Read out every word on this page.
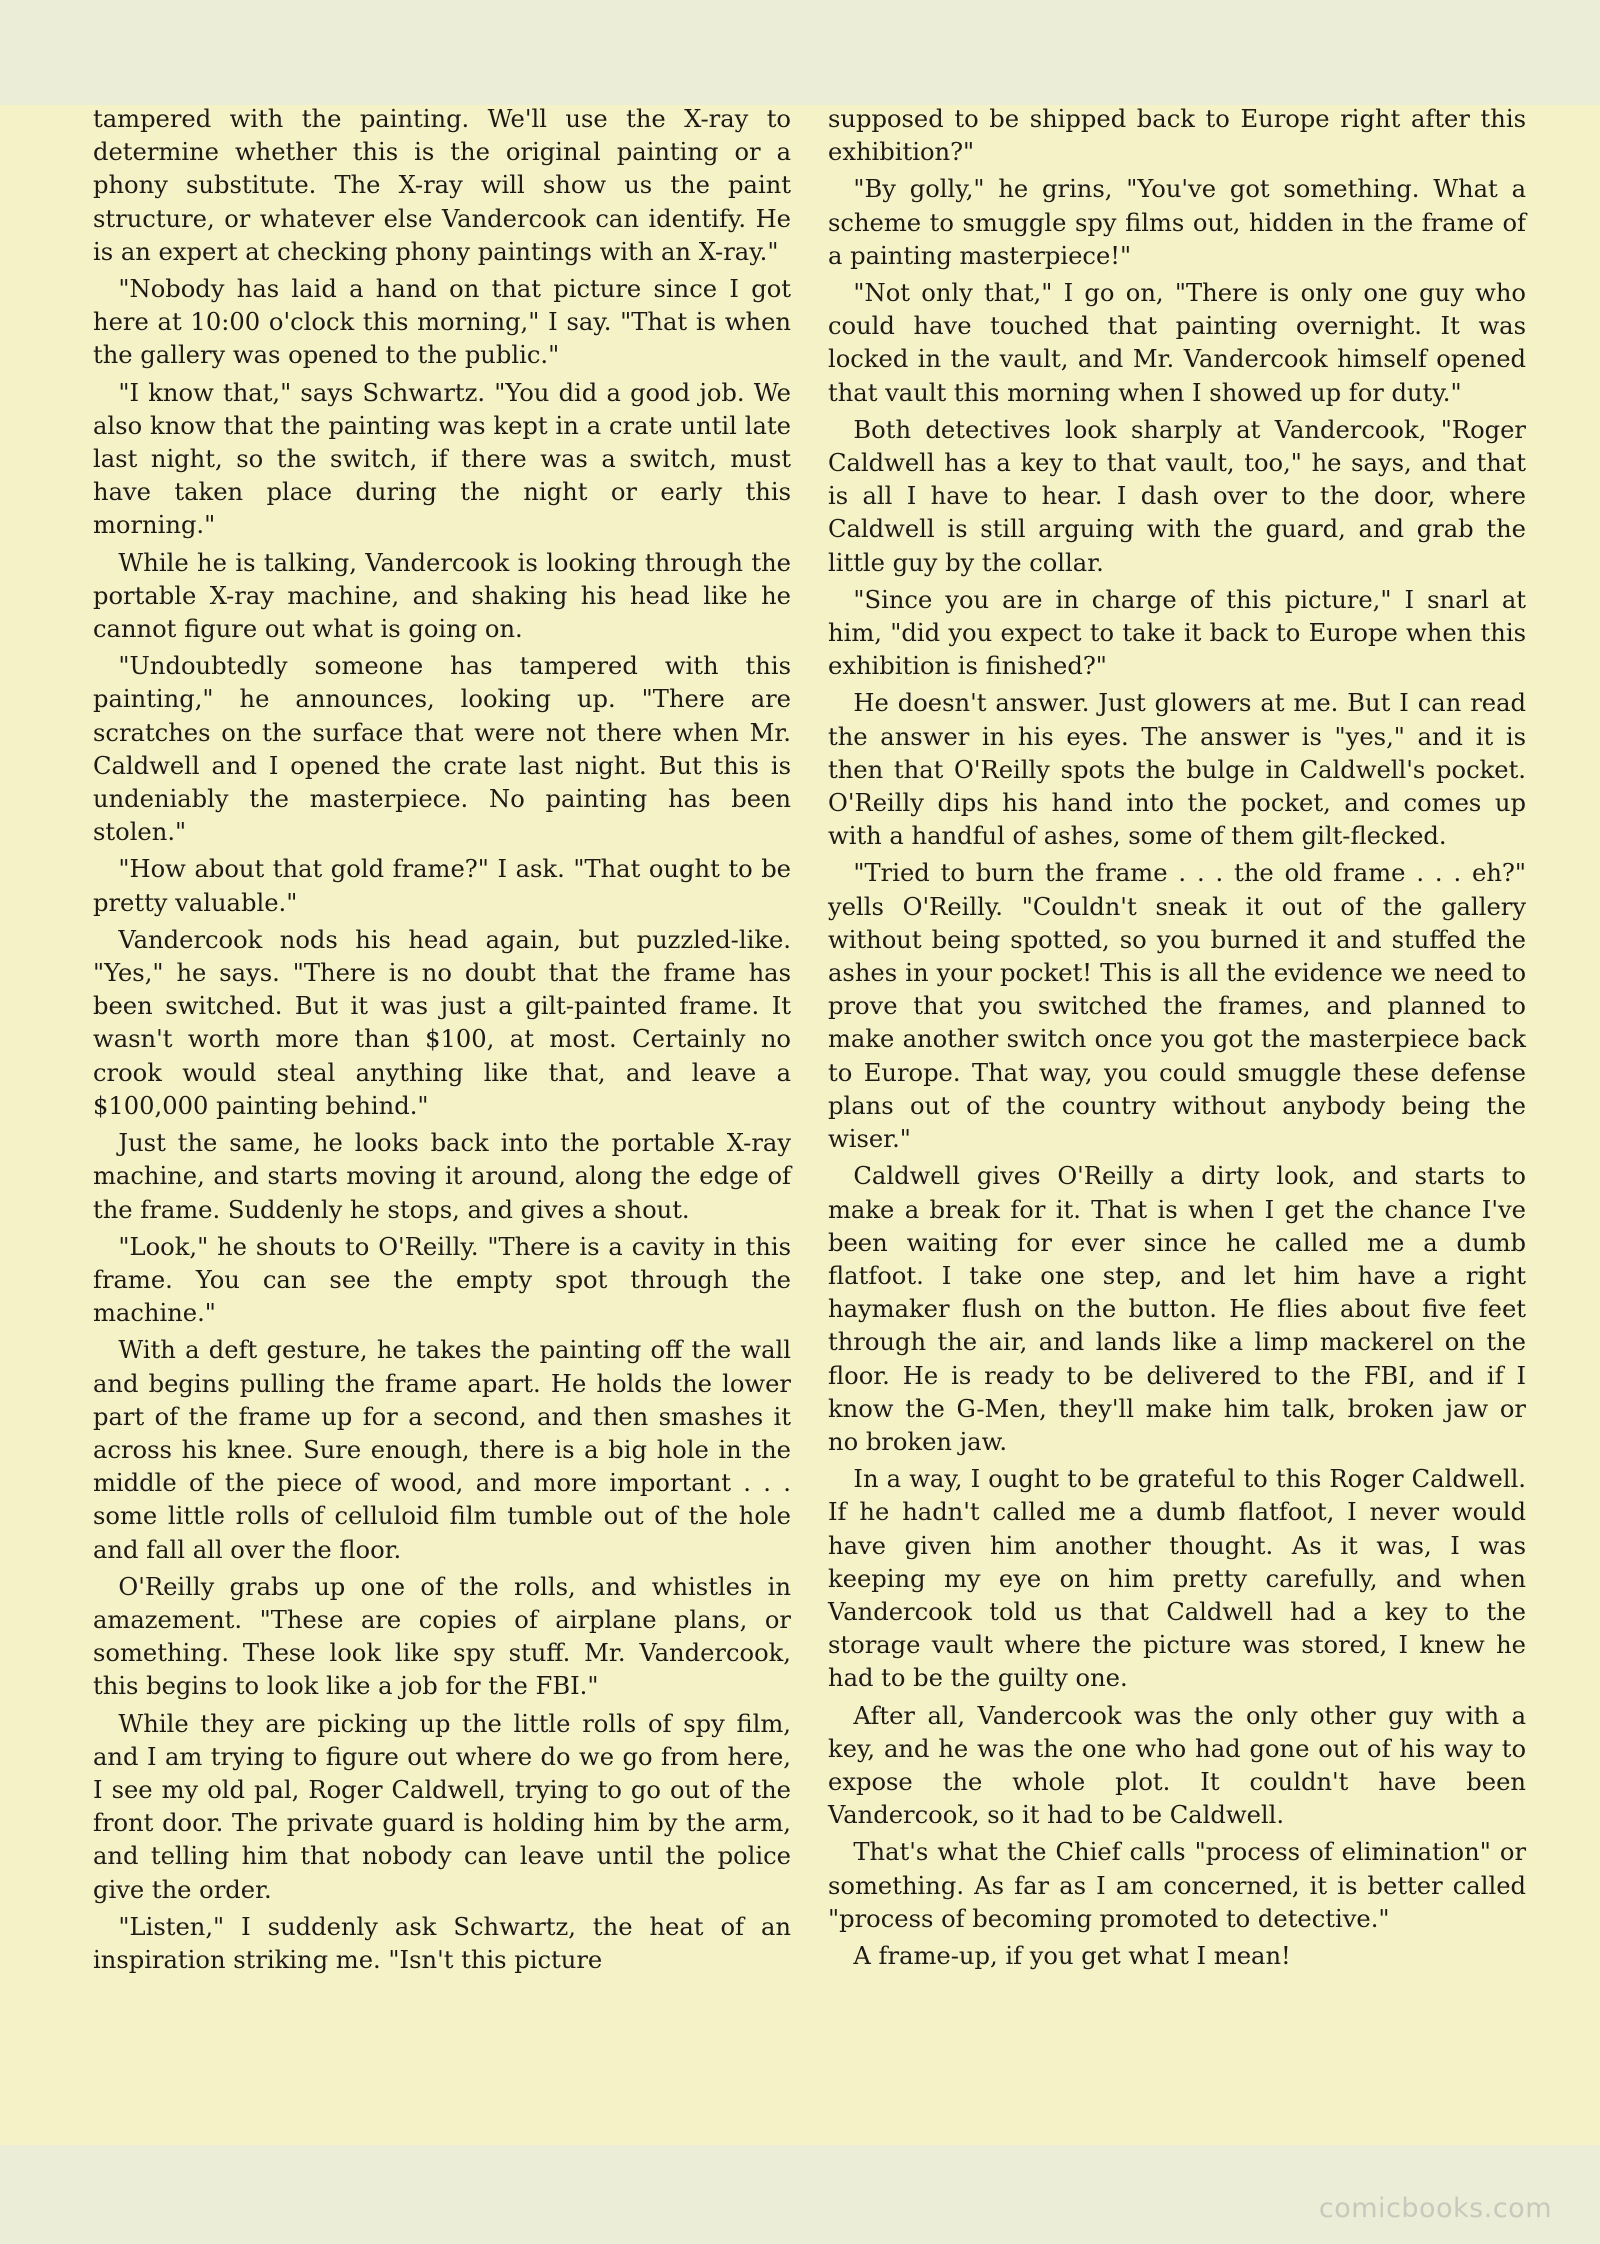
tampered with the painting. We'll use the X-ray to determine whether this is the original painting or a phony substitute. The X-ray will show us the paint structure, or whatever else Vandercook can identify. He is an expert at checking phony paintings with an X-ray."

"Nobody has laid a hand on that picture since I got here at 10:00 o'clock this morning," I say. "That is when the gallery was opened to the public."

"I know that," says Schwartz. "You did a good job. We also know that the painting was kept in a crate until late last night, so the switch, if there was a switch, must have taken place during the night or early this morning."

While he is talking, Vandercook is looking through the portable X-ray machine, and shaking his head like he cannot figure out what is going on.

"Undoubtedly someone has tampered with this painting," he announces, looking up. "There are scratches on the surface that were not there when Mr. Caldwell and I opened the crate last night. But this is undeniably the masterpiece. No painting has been stolen."

"How about that gold frame?" I ask. "That ought to be pretty valuable."

Vandercook nods his head again, but puzzled-like. "Yes," he says. "There is no doubt that the frame has been switched. But it was just a gilt-painted frame. It wasn't worth more than $100, at most. Certainly no crook would steal anything like that, and leave a $100,000 painting behind."

Just the same, he looks back into the portable X-ray machine, and starts moving it around, along the edge of the frame. Suddenly he stops, and gives a shout.

"Look," he shouts to O'Reilly. "There is a cavity in this frame. You can see the empty spot through the machine."

With a deft gesture, he takes the painting off the wall and begins pulling the frame apart. He holds the lower part of the frame up for a second, and then smashes it across his knee. Sure enough, there is a big hole in the middle of the piece of wood, and more important . . . some little rolls of celluloid film tumble out of the hole and fall all over the floor.

O'Reilly grabs up one of the rolls, and whistles in amazement. "These are copies of airplane plans, or something. These look like spy stuff. Mr. Vandercook, this begins to look like a job for the FBI."

While they are picking up the little rolls of spy film, and I am trying to figure out where do we go from here, I see my old pal, Roger Caldwell, trying to go out of the front door. The private guard is holding him by the arm, and telling him that nobody can leave until the police give the order.

"Listen," I suddenly ask Schwartz, the heat of an inspiration striking me. "Isn't this picture

supposed to be shipped back to Europe right after this exhibition?"

"By golly," he grins, "You've got something. What a scheme to smuggle spy films out, hidden in the frame of a painting masterpiece!"

"Not only that," I go on, "There is only one guy who could have touched that painting overnight. It was locked in the vault, and Mr. Vandercook himself opened that vault this morning when I showed up for duty."

Both detectives look sharply at Vandercook, "Roger Caldwell has a key to that vault, too," he says, and that is all I have to hear. I dash over to the door, where Caldwell is still arguing with the guard, and grab the little guy by the collar.

"Since you are in charge of this picture," I snarl at him, "did you expect to take it back to Europe when this exhibition is finished?"

He doesn't answer. Just glowers at me. But I can read the answer in his eyes. The answer is "yes," and it is then that O'Reilly spots the bulge in Caldwell's pocket. O'Reilly dips his hand into the pocket, and comes up with a handful of ashes, some of them gilt-flecked.

"Tried to burn the frame . . . the old frame . . . eh?" yells O'Reilly. "Couldn't sneak it out of the gallery without being spotted, so you burned it and stuffed the ashes in your pocket! This is all the evidence we need to prove that you switched the frames, and planned to make another switch once you got the masterpiece back to Europe. That way, you could smuggle these defense plans out of the country without anybody being the wiser."

Caldwell gives O'Reilly a dirty look, and starts to make a break for it. That is when I get the chance I've been waiting for ever since he called me a dumb flatfoot. I take one step, and let him have a right haymaker flush on the button. He flies about five feet through the air, and lands like a limp mackerel on the floor. He is ready to be delivered to the FBI, and if I know the G-Men, they'll make him talk, broken jaw or no broken jaw.

In a way, I ought to be grateful to this Roger Caldwell. If he hadn't called me a dumb flatfoot, I never would have given him another thought. As it was, I was keeping my eye on him pretty carefully, and when Vandercook told us that Caldwell had a key to the storage vault where the picture was stored, I knew he had to be the guilty one.

After all, Vandercook was the only other guy with a key, and he was the one who had gone out of his way to expose the whole plot. It couldn't have been Vandercook, so it had to be Caldwell.

That's what the Chief calls "process of elimination" or something. As far as I am concerned, it is better called "process of becoming promoted to detective."

A frame-up, if you get what I mean!

comicbooks.com
